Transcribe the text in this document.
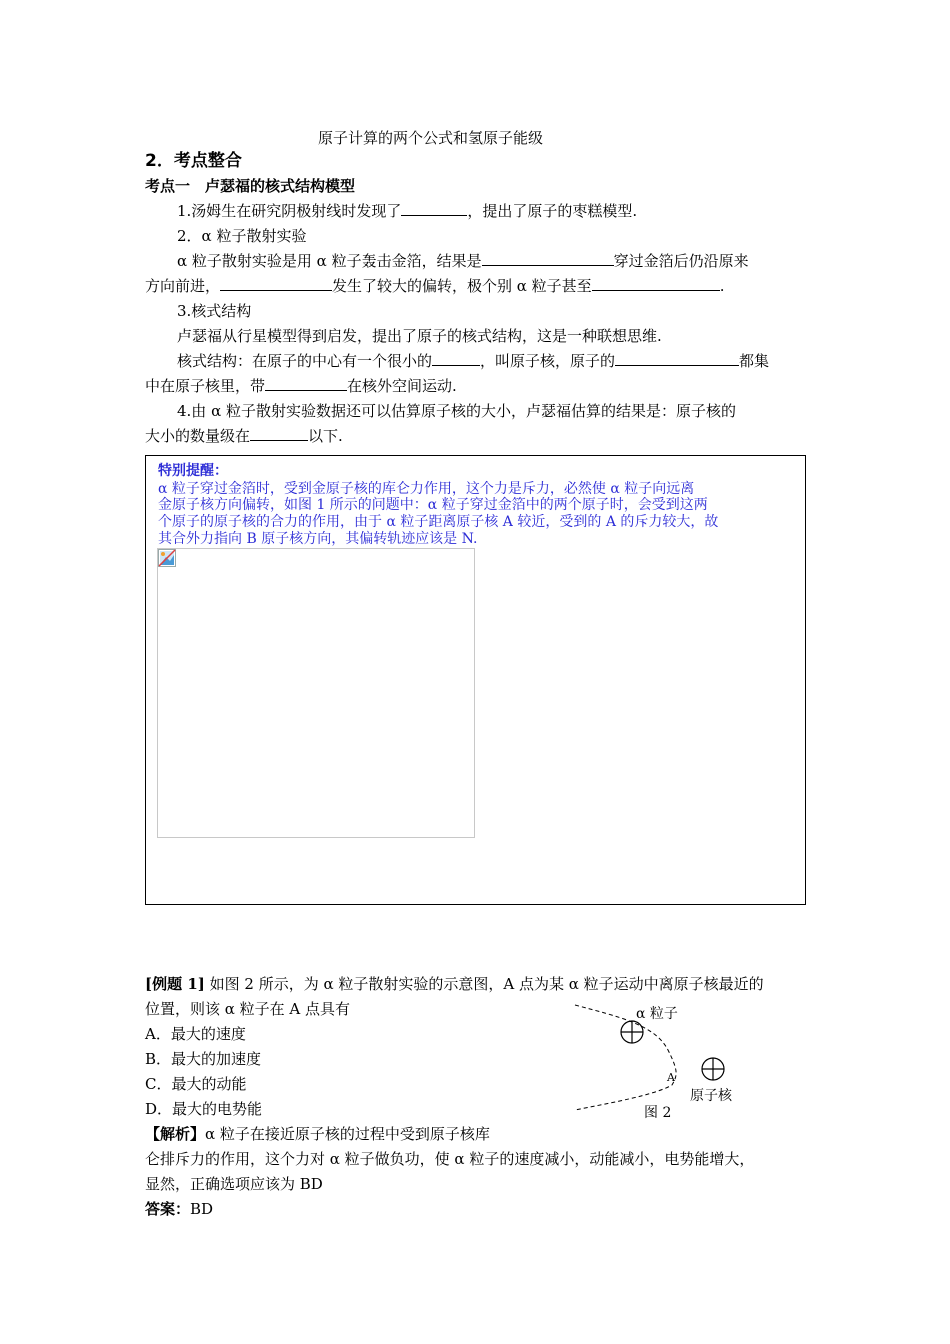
原子计算的两个公式和氢原子能级
2．考点整合
考点一　卢瑟福的核式结构模型
1.汤姆生在研究阴极射线时发现了	，提出了原子的枣糕模型.
2．α 粒子散射实验
α 粒子散射实验是用 α 粒子轰击金箔，结果是	穿过金箔后仍沿原来
方向前进，	发生了较大的偏转，极个别 α 粒子甚至	.
3.核式结构
卢瑟福从行星模型得到启发，提出了原子的核式结构，这是一种联想思维.
核式结构：在原子的中心有一个很小的	，叫原子核，原子的	都集
中在原子核里，带	在核外空间运动.
4.由 α 粒子散射实验数据还可以估算原子核的大小，卢瑟福估算的结果是：原子核的
大小的数量级在	以下.
特别提醒：
α 粒子穿过金箔时，受到金原子核的库仑力作用，这个力是斥力，必然使 α 粒子向远离
金原子核方向偏转，如图 1 所示的问题中：α 粒子穿过金箔中的两个原子时，会受到这两
个原子的原子核的合力的作用，由于 α 粒子距离原子核 A 较近，受到的 A 的斥力较大，故
其合外力指向 B 原子核方向，其偏转轨迹应该是 N.
[例题 1] 如图 2 所示，为 α 粒子散射实验的示意图，A 点为某 α 粒子运动中离原子核最近的
位置，则该 α 粒子在 A 点具有
A．最大的速度
B．最大的加速度
C．最大的动能
D．最大的电势能
【解析】α 粒子在接近原子核的过程中受到原子核库
仑排斥力的作用，这个力对 α 粒子做负功，使 α 粒子的速度减小，动能减小，电势能增大，
显然，正确选项应该为 BD
答案：BD
α 粒子
A
原子核
图 2
